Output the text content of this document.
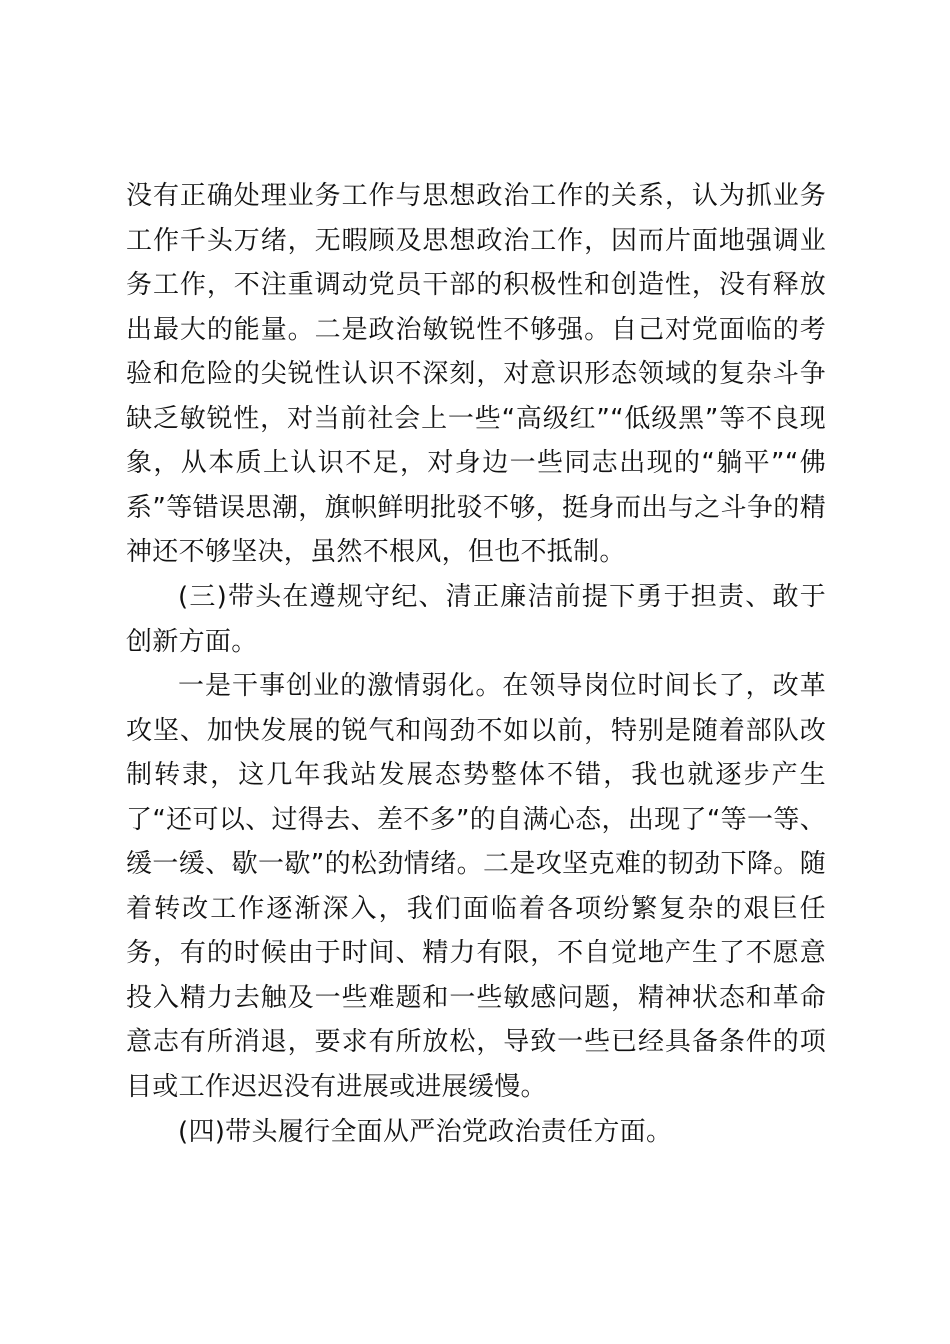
没有正确处理业务工作与思想政治工作的关系，认为抓业务工作千头万绪，无暇顾及思想政治工作，因而片面地强调业务工作，不注重调动党员干部的积极性和创造性，没有释放出最大的能量。二是政治敏锐性不够强。自己对党面临的考验和危险的尖锐性认识不深刻，对意识形态领域的复杂斗争缺乏敏锐性，对当前社会上一些“高级红”“低级黑”等不良现象，从本质上认识不足，对身边一些同志出现的“躺平”“佛系”等错误思潮，旗帜鲜明批驳不够，挺身而出与之斗争的精神还不够坚决，虽然不根风，但也不抵制。

(三)带头在遵规守纪、清正廉洁前提下勇于担责、敢于创新方面。

一是干事创业的激情弱化。在领导岗位时间长了，改革攻坚、加快发展的锐气和闯劲不如以前，特别是随着部队改制转隶，这几年我站发展态势整体不错，我也就逐步产生了“还可以、过得去、差不多”的自满心态，出现了“等一等、缓一缓、歇一歇”的松劲情绪。二是攻坚克难的韧劲下降。随着转改工作逐渐深入，我们面临着各项纷繁复杂的艰巨任务，有的时候由于时间、精力有限，不自觉地产生了不愿意投入精力去触及一些难题和一些敏感问题，精神状态和革命意志有所消退，要求有所放松，导致一些已经具备条件的项目或工作迟迟没有进展或进展缓慢。

(四)带头履行全面从严治党政治责任方面。
